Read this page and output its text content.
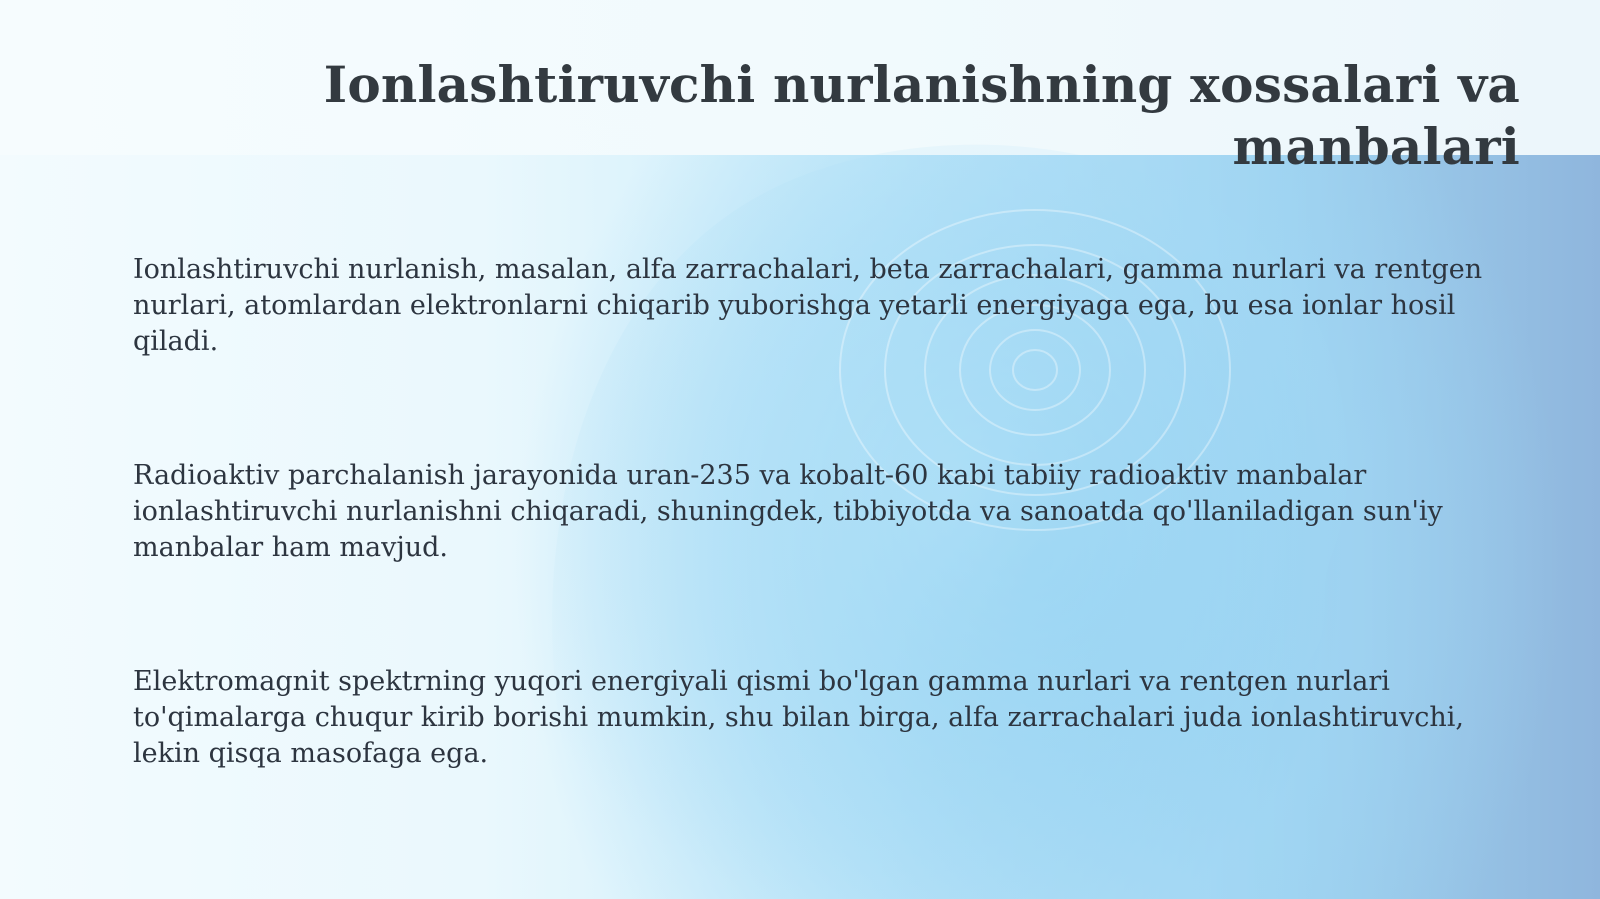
Ionlashtiruvchi nurlanishning xossalari va manbalari

Ionlashtiruvchi nurlanish, masalan, alfa zarrachalari, beta zarrachalari, gamma nurlari va rentgen nurlari, atomlardan elektronlarni chiqarib yuborishga yetarli energiyaga ega, bu esa ionlar hosil qiladi.

Radioaktiv parchalanish jarayonida uran-235 va kobalt-60 kabi tabiiy radioaktiv manbalar ionlashtiruvchi nurlanishni chiqaradi, shuningdek, tibbiyotda va sanoatda qo'llaniladigan sun'iy manbalar ham mavjud.

Elektromagnit spektrning yuqori energiyali qismi bo'lgan gamma nurlari va rentgen nurlari to'qimalarga chuqur kirib borishi mumkin, shu bilan birga, alfa zarrachalari juda ionlashtiruvchi, lekin qisqa masofaga ega.
